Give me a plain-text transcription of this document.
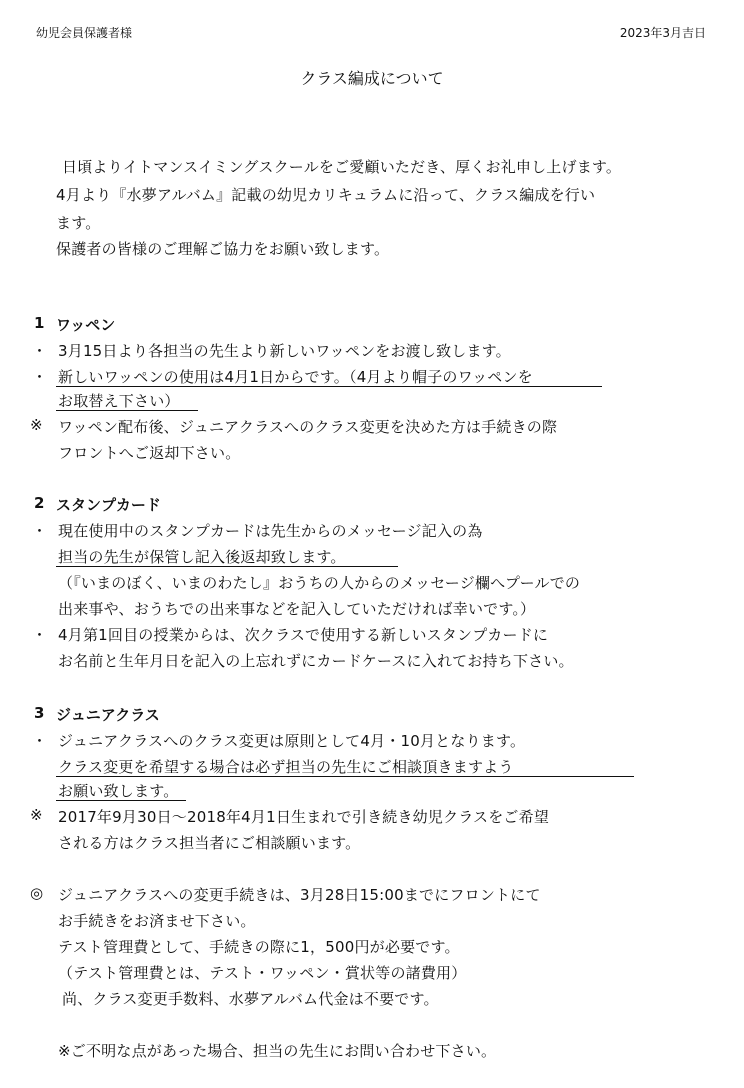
幼児会員保護者様	2023年3月吉日
クラス編成について
日頃よりイトマンスイミングスクールをご愛顧いただき、厚くお礼申し上げます。
4月より『水夢アルバム』記載の幼児カリキュラムに沿って、クラス編成を行い
ます。
保護者の皆様のご理解ご協力をお願い致します。
1 ワッペン
・ 3月15日より各担当の先生より新しいワッペンをお渡し致します。
・ 新しいワッペンの使用は4月1日からです。（4月より帽子のワッペンを
お取替え下さい）
※ ワッペン配布後、ジュニアクラスへのクラス変更を決めた方は手続きの際
フロントへご返却下さい。
2 スタンプカード
・ 現在使用中のスタンプカードは先生からのメッセージ記入の為
担当の先生が保管し記入後返却致します。
（『いまのぼく、いまのわたし』おうちの人からのメッセージ欄へプールでの
出来事や、おうちでの出来事などを記入していただければ幸いです。）
・ 4月第1回目の授業からは、次クラスで使用する新しいスタンプカードに
お名前と生年月日を記入の上忘れずにカードケースに入れてお持ち下さい。
3 ジュニアクラス
・ ジュニアクラスへのクラス変更は原則として4月・10月となります。
クラス変更を希望する場合は必ず担当の先生にご相談頂きますよう
お願い致します。
※ 2017年9月30日～2018年4月1日生まれで引き続き幼児クラスをご希望
される方はクラス担当者にご相談願います。
◎ ジュニアクラスへの変更手続きは、3月28日15:00までにフロントにて
お手続きをお済ませ下さい。
テスト管理費として、手続きの際に1，500円が必要です。
（テスト管理費とは、テスト・ワッペン・賞状等の諸費用）
尚、クラス変更手数料、水夢アルバム代金は不要です。
※ご不明な点があった場合、担当の先生にお問い合わせ下さい。
